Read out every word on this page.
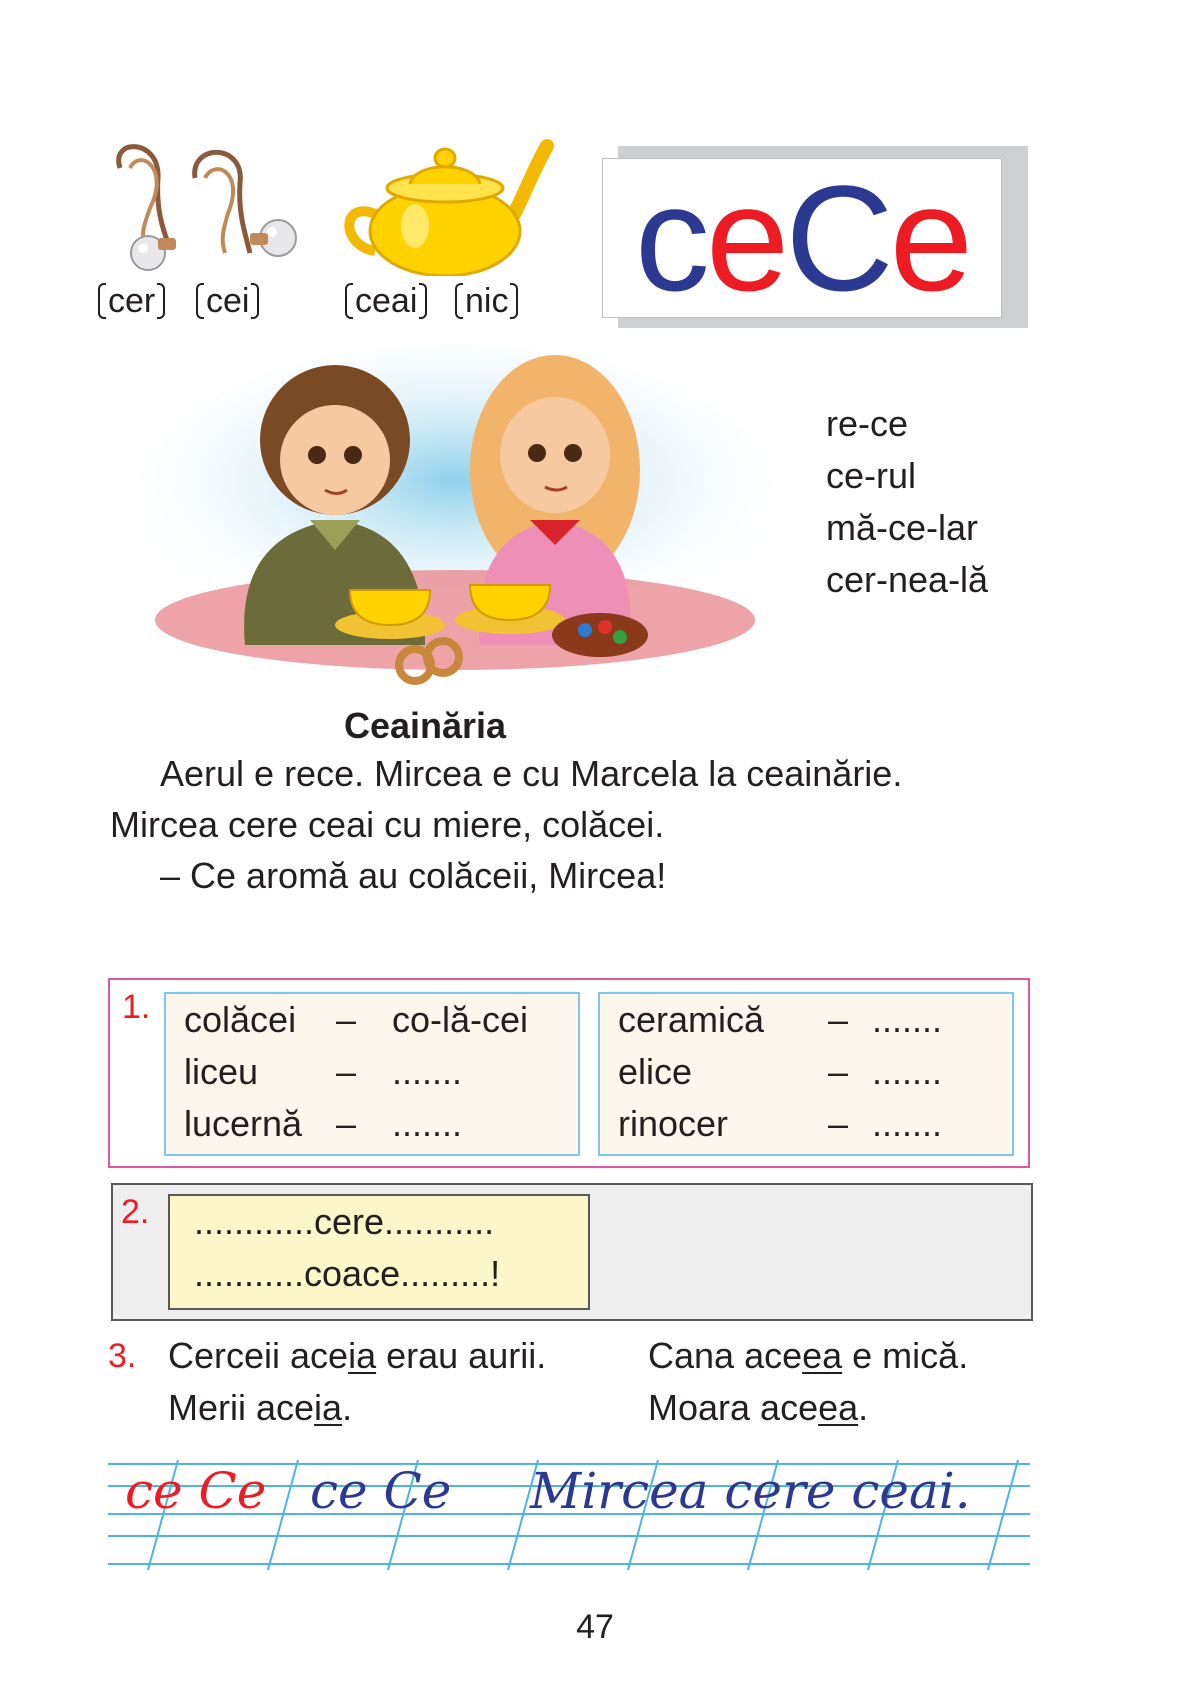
cer cei	ceai nic c e C e
re-ce
ce-rul
mă-ce-lar
cer-nea-lă
Ceainăria
Aerul e rece. Mircea e cu Marcela la ceainărie.
Mircea cere ceai cu miere, colăcei.
– Ce aromă au colăceii, Mircea!
1. colăcei – co-lă-cei
liceu – .......
lucernă – .......
ceramică – .......
elice	– .......
rinocer	– .......
2.	............cere...........
...........coace.........!
3. Cerceii aceia erau aurii.
Merii aceia.
Cana aceea e mică.
Moara aceea.
ce Ce ce Ce Mircea cere ceai.
47
